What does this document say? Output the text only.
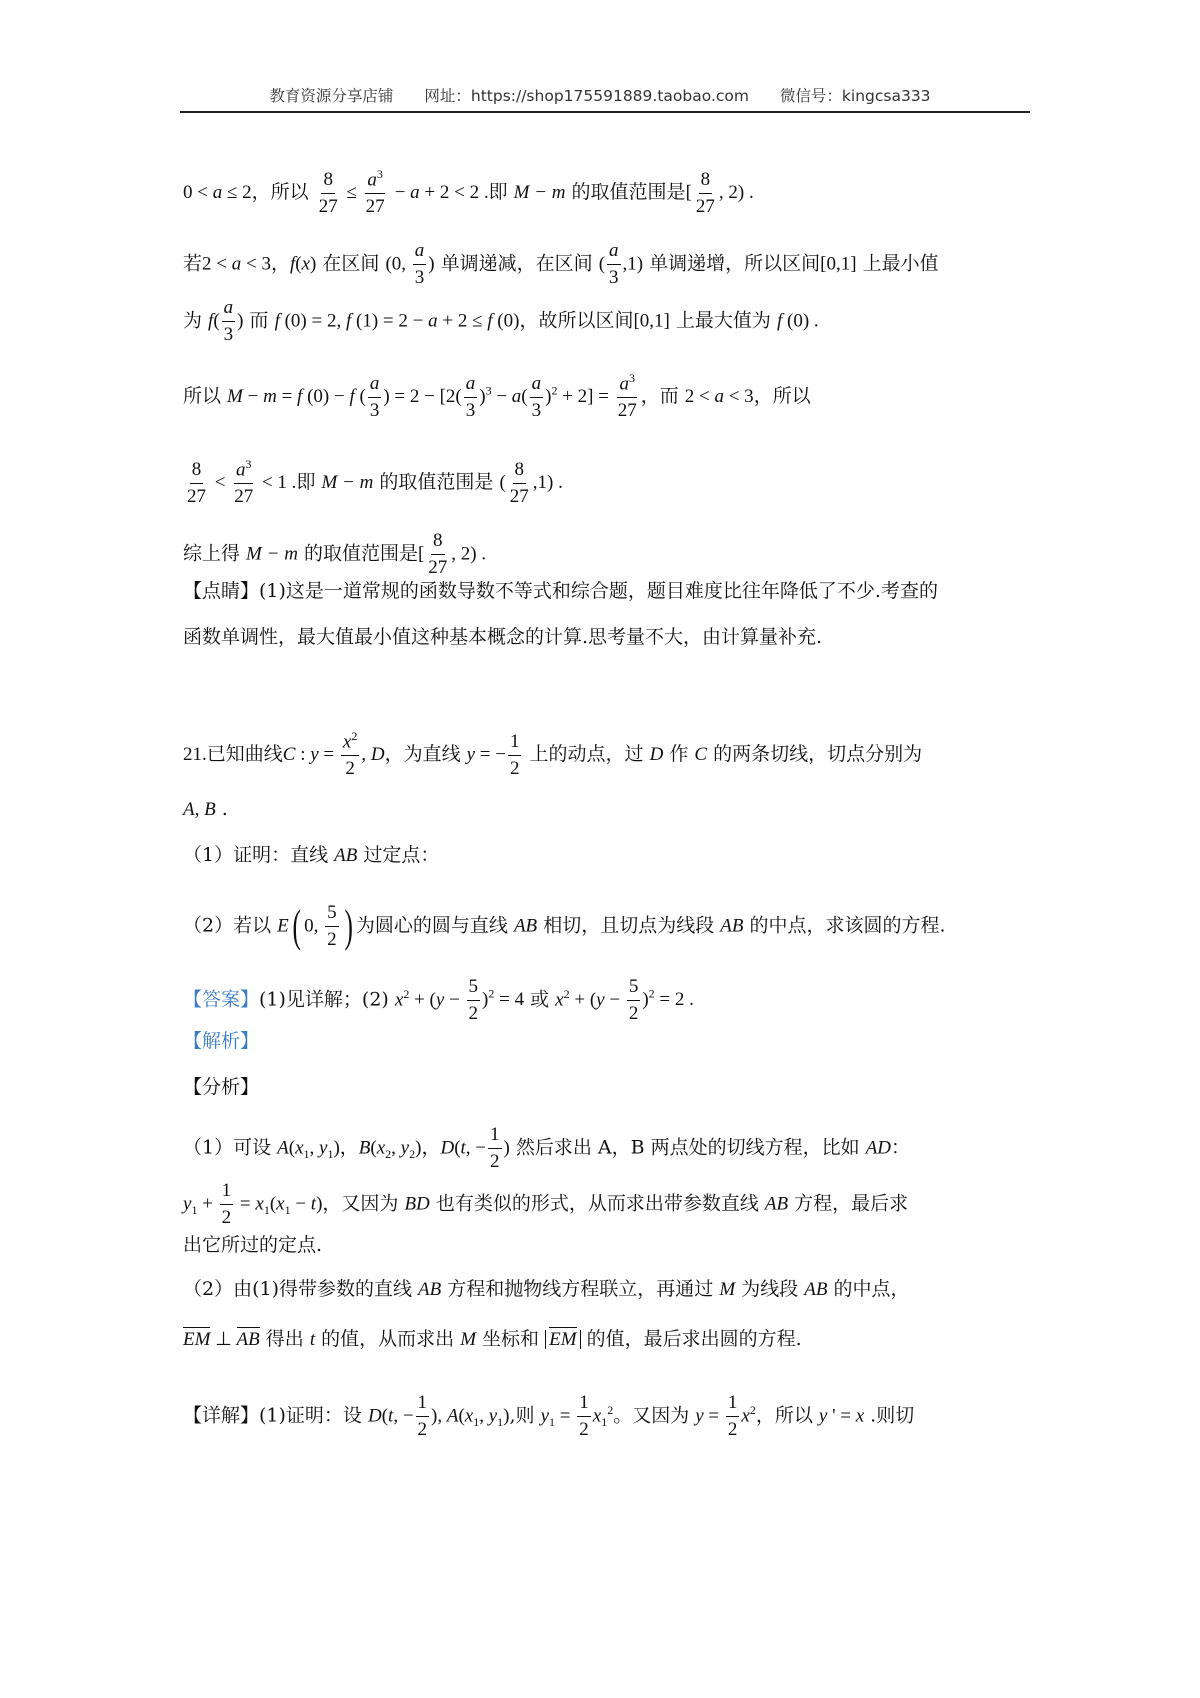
教育资源分享店铺 网址：https://shop175591889.taobao.com 微信号：kingcsa333
0 < a ≤ 2，所以 $\frac{8}{27} \le \frac{a^3}{27} - a + 2 < 2$ .即 M − m 的取值范围是[ $\frac{8}{27}$ , 2) .
若2 < a < 3，f(x) 在区间 (0, $\frac{a}{3}$ ) 单调递减，在区间 ( $\frac{a}{3} ,1$) 单调递增，所以区间[0,1] 上最小值
为 $f( \frac{a}{3}$ ) 而 f (0) = 2, f (1) = 2 − a + 2 ≤ f (0)，故所以区间[0,1] 上最大值为 f (0) .
所以 M − m = f (0) − f ( $\frac{a}{3}$ ) = $2 - [2( \frac{a}{3} )^3 - a( \frac{a}{3} )^2 + 2] = \frac{a^3}{27}$ ，而 2 < a < 3，所以
$\frac{8}{27} < \frac{a^3}{27} < 1$ .即 M − m 的取值范围是 ( $\frac{8}{27} ,1$) .
综上得 M − m 的取值范围是[ $\frac{8}{27}$ , 2) .
【点睛】(1)这是一道常规的函数导数不等式和综合题，题目难度比往年降低了不少.考查的
函数单调性，最大值最小值这种基本概念的计算.思考量不大，由计算量补充.
21.已知曲线C : $y = \frac{x^2}{2}$ , D，为直线 y = − $\frac{1}{2}$ 上的动点，过 D 作 C 的两条切线，切点分别为
A, B .
（1）证明：直线 AB 过定点：
（2）若以 E( 0, $\frac{5}{2}$ ) 为圆心的圆与直线 AB 相切，且切点为线段 AB 的中点，求该圆的方程.
【答案】(1)见详解；(2) $x^2 + (y - \frac{5}{2} )^2 = 4$ 或 $x^2 + (y - \frac{5}{2} )^2 = 2$ .
【解析】
【分析】
（1）可设 $A(x_1$, $y_1$)，$B(x_2$, $y_2$)，D(t, − $\frac{1}{2}$ ) 然后求出 A，B 两点处的切线方程，比如 AD：
$y_1 + \frac{1}{2} = x_1(x_1 - t)$，又因为 BD 也有类似的形式，从而求出带参数直线 AB 方程，最后求
出它所过的定点.
（2）由(1)得带参数的直线 AB 方程和抛物线方程联立，再通过 M 为线段 AB 的中点，
EM ⊥ AB 得出 t 的值，从而求出 M 坐标和 EM 的值，最后求出圆的方程.
【详解】(1)证明：设 D(t, − $\frac{1}{2}$ ), $A(x_1$, $y_1$),则 $y_1 = \frac{1}{2} x_1^2$。又因为 $y = \frac{1}{2} x^2$，所以 y ' = x .则切
